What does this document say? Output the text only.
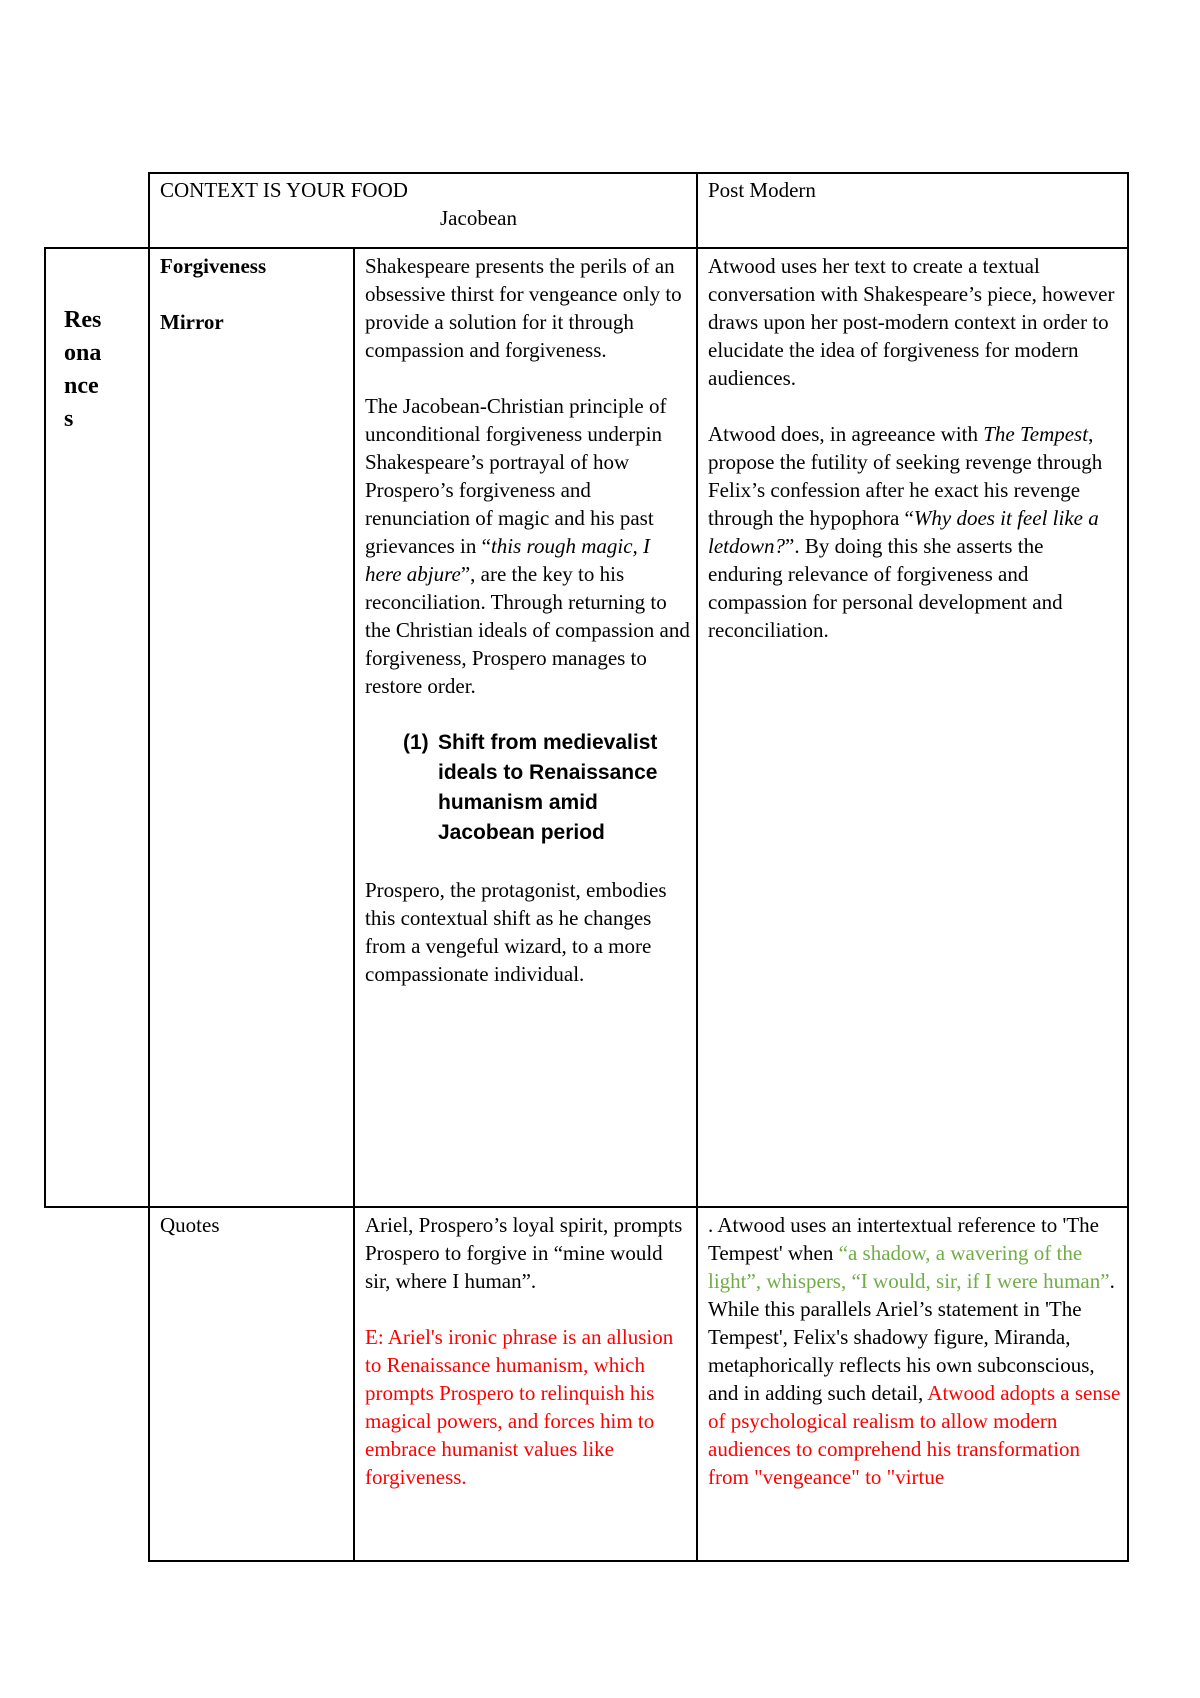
CONTEXT IS YOUR FOOD
Jacobean
Post Modern
Res
ona
nce
s
Forgiveness
Mirror
Shakespeare presents the perils of an obsessive thirst for vengeance only to provide a solution for it through compassion and forgiveness.
The Jacobean-Christian principle of unconditional forgiveness underpin Shakespeare’s portrayal of how Prospero’s forgiveness and renunciation of magic and his past grievances in “this rough magic, I here abjure”, are the key to his reconciliation. Through returning to the Christian ideals of compassion and forgiveness, Prospero manages to restore order.
(1) Shift from medievalist ideals to Renaissance humanism amid Jacobean period
Prospero, the protagonist, embodies this contextual shift as he changes from a vengeful wizard, to a more compassionate individual.
Atwood uses her text to create a textual conversation with Shakespeare’s piece, however draws upon her post-modern context in order to elucidate the idea of forgiveness for modern audiences.
Atwood does, in agreeance with The Tempest, propose the futility of seeking revenge through Felix’s confession after he exact his revenge through the hypophora “Why does it feel like a letdown?”. By doing this she asserts the enduring relevance of forgiveness and compassion for personal development and reconciliation.
Quotes	Ariel, Prospero’s loyal spirit, prompts Prospero to forgive in “mine would sir, where I human”.
E: Ariel's ironic phrase is an allusion to Renaissance humanism, which prompts Prospero to relinquish his magical powers, and forces him to embrace humanist values like forgiveness.
. Atwood uses an intertextual reference to 'The Tempest' when “a shadow, a wavering of the light”, whispers, “I would, sir, if I were human”. While this parallels Ariel’s statement in 'The Tempest', Felix's shadowy figure, Miranda, metaphorically reflects his own subconscious, and in adding such detail, Atwood adopts a sense of psychological realism to allow modern audiences to comprehend his transformation from "vengeance" to "virtue
